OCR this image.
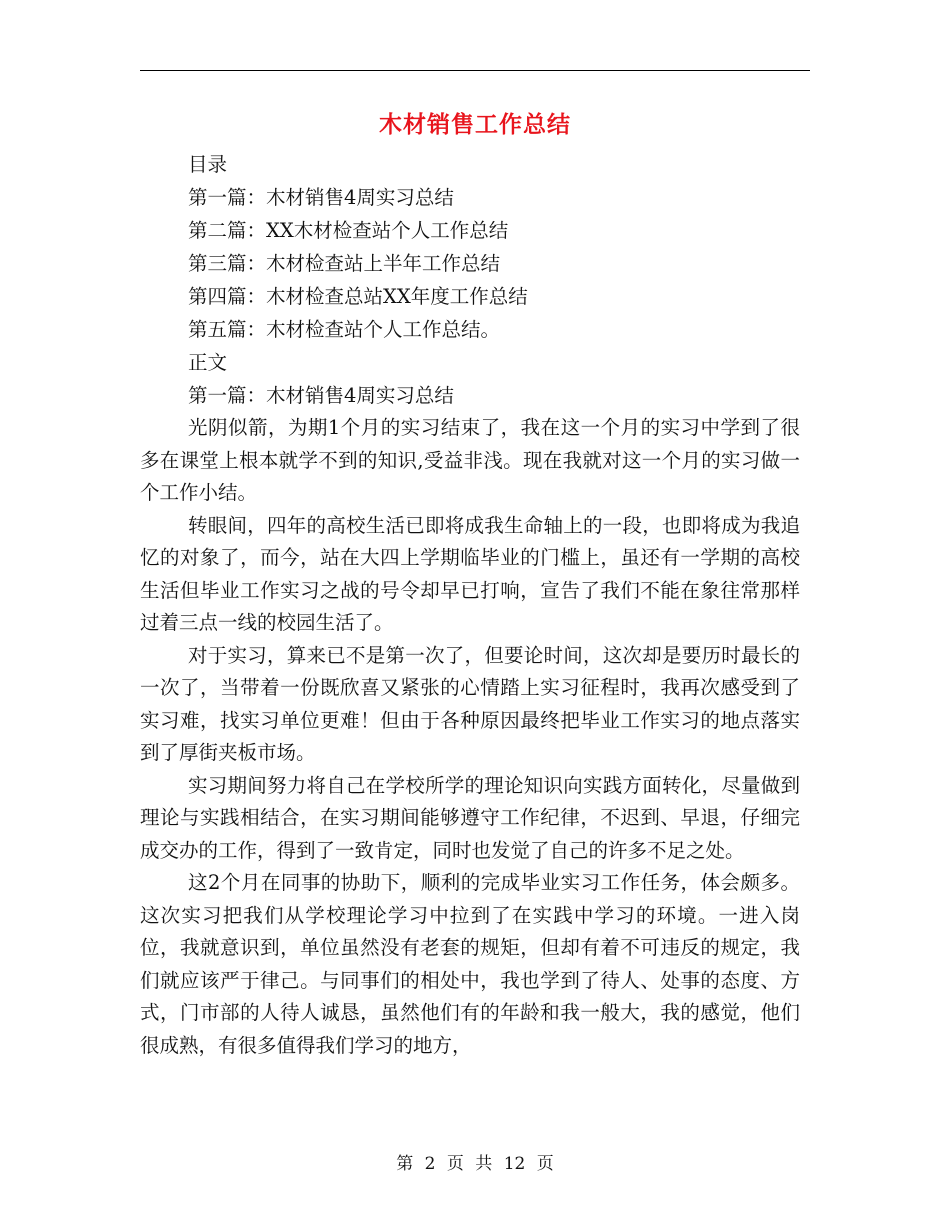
木材销售工作总结

目录

第一篇：木材销售4周实习总结

第二篇：XX木材检查站个人工作总结

第三篇：木材检查站上半年工作总结

第四篇：木材检查总站XX年度工作总结

第五篇：木材检查站个人工作总结。

正文

第一篇：木材销售4周实习总结

光阴似箭，为期1个月的实习结束了，我在这一个月的实习中学到了很多在课堂上根本就学不到的知识,受益非浅。现在我就对这一个月的实习做一个工作小结。

转眼间，四年的高校生活已即将成我生命轴上的一段，也即将成为我追忆的对象了，而今，站在大四上学期临毕业的门槛上，虽还有一学期的高校生活但毕业工作实习之战的号令却早已打响，宣告了我们不能在象往常那样过着三点一线的校园生活了。

对于实习，算来已不是第一次了，但要论时间，这次却是要历时最长的一次了，当带着一份既欣喜又紧张的心情踏上实习征程时，我再次感受到了实习难，找实习单位更难！但由于各种原因最终把毕业工作实习的地点落实到了厚街夹板市场。

实习期间努力将自己在学校所学的理论知识向实践方面转化，尽量做到理论与实践相结合，在实习期间能够遵守工作纪律，不迟到、早退，仔细完成交办的工作，得到了一致肯定，同时也发觉了自己的许多不足之处。

这2个月在同事的协助下，顺利的完成毕业实习工作任务，体会颇多。这次实习把我们从学校理论学习中拉到了在实践中学习的环境。一进入岗位，我就意识到，单位虽然没有老套的规矩，但却有着不可违反的规定，我们就应该严于律己。与同事们的相处中，我也学到了待人、处事的态度、方式，门市部的人待人诚恳，虽然他们有的年龄和我一般大，我的感觉，他们很成熟，有很多值得我们学习的地方，

第 2 页 共 12 页
